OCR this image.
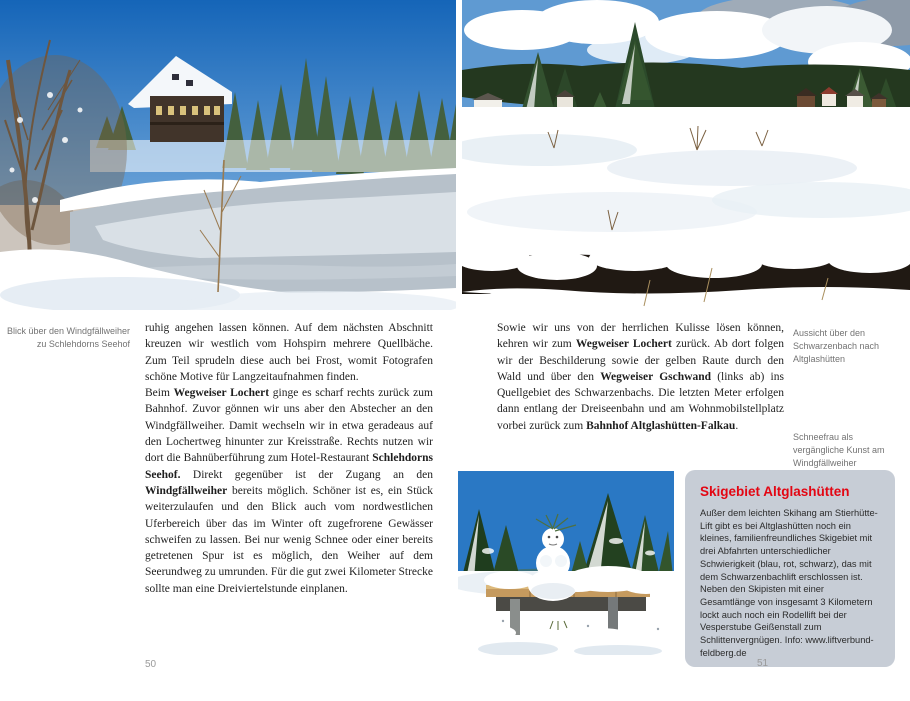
Blick über den Windgfällweiher zu Schlehdorns Seehof

ruhig angehen lassen können. Auf dem nächsten Abschnitt kreuzen wir westlich vom Hohspirn mehrere Quellbäche. Zum Teil sprudeln diese auch bei Frost, womit Fotografen schöne Motive für Langzeitaufnahmen finden.

Beim Wegweiser Lochert ginge es scharf rechts zurück zum Bahnhof. Zuvor gönnen wir uns aber den Abstecher an den Windgfällweiher. Damit wechseln wir in etwa geradeaus auf den Lochertweg hinunter zur Kreisstraße. Rechts nutzen wir dort die Bahnüberführung zum Hotel-Restaurant Schlehdorns Seehof. Direkt gegenüber ist der Zugang an den Windgfällweiher bereits möglich. Schöner ist es, ein Stück weiterzulaufen und den Blick auch vom nordwestlichen Uferbereich über das im Winter oft zugefrorene Gewässer schweifen zu lassen. Bei nur wenig Schnee oder einer bereits getretenen Spur ist es möglich, den Weiher auf dem Seerundweg zu umrunden. Für die gut zwei Kilometer Strecke sollte man eine Dreiviertelstunde einplanen.

Sowie wir uns von der herrlichen Kulisse lösen können, kehren wir zum Wegweiser Lochert zurück. Ab dort folgen wir der Beschilderung sowie der gelben Raute durch den Wald und über den Wegweiser Gschwand (links ab) ins Quellgebiet des Schwarzenbachs. Die letzten Meter erfolgen dann entlang der Dreiseenbahn und am Wohnmobilstellplatz vorbei zurück zum Bahnhof Altglashütten-Falkau.

Aussicht über den Schwarzenbach nach Altglashütten
Schneefrau als vergängliche Kunst am Windgfällweiher
Skigebiet Altglashütten

Außer dem leichten Skihang am Stierhütte-Lift gibt es bei Altglashütten noch ein kleines, familienfreundliches Skigebiet mit drei Abfahrten unterschiedlicher Schwierigkeit (blau, rot, schwarz), das mit dem Schwarzenbachlift erschlossen ist. Neben den Skipisten mit einer Gesamtlänge von insgesamt 3 Kilometern lockt auch noch ein Rodellift bei der Vesperstube Geißenstall zum Schlittenvergnügen. Info: www.liftverbund-feldberg.de

50	51
